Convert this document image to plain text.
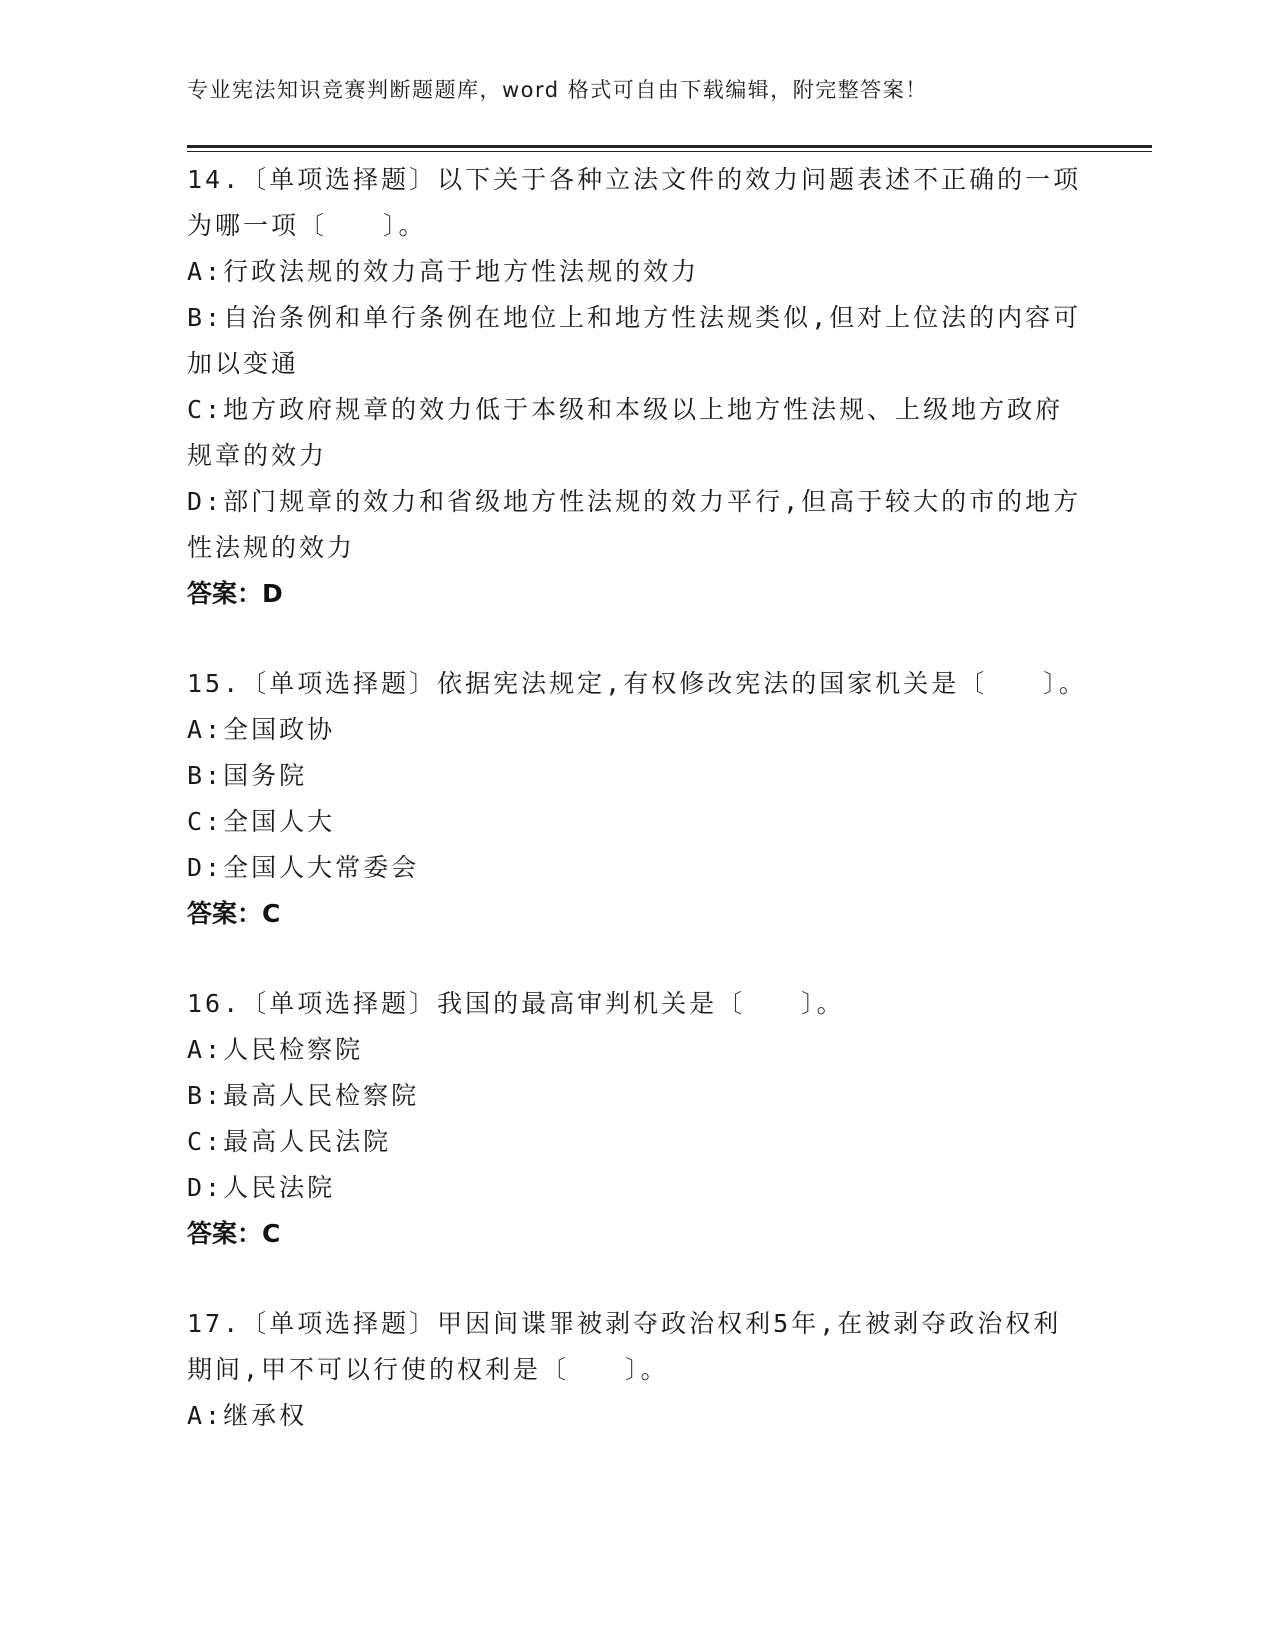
专业宪法知识竞赛判断题题库，word 格式可自由下载编辑，附完整答案！

14.〔单项选择题〕以下关于各种立法文件的效力问题表述不正确的一项为哪一项〔　　〕。

A:行政法规的效力高于地方性法规的效力

B:自治条例和单行条例在地位上和地方性法规类似,但对上位法的内容可加以变通

C:地方政府规章的效力低于本级和本级以上地方性法规、上级地方政府规章的效力

D:部门规章的效力和省级地方性法规的效力平行,但高于较大的市的地方性法规的效力

答案：D

15.〔单项选择题〕依据宪法规定,有权修改宪法的国家机关是〔　　〕。

A:全国政协

B:国务院

C:全国人大

D:全国人大常委会

答案：C

16.〔单项选择题〕我国的最高审判机关是〔　　〕。

A:人民检察院

B:最高人民检察院

C:最高人民法院

D:人民法院

答案：C

17.〔单项选择题〕甲因间谍罪被剥夺政治权利5年,在被剥夺政治权利期间,甲不可以行使的权利是〔　　〕。

A:继承权
